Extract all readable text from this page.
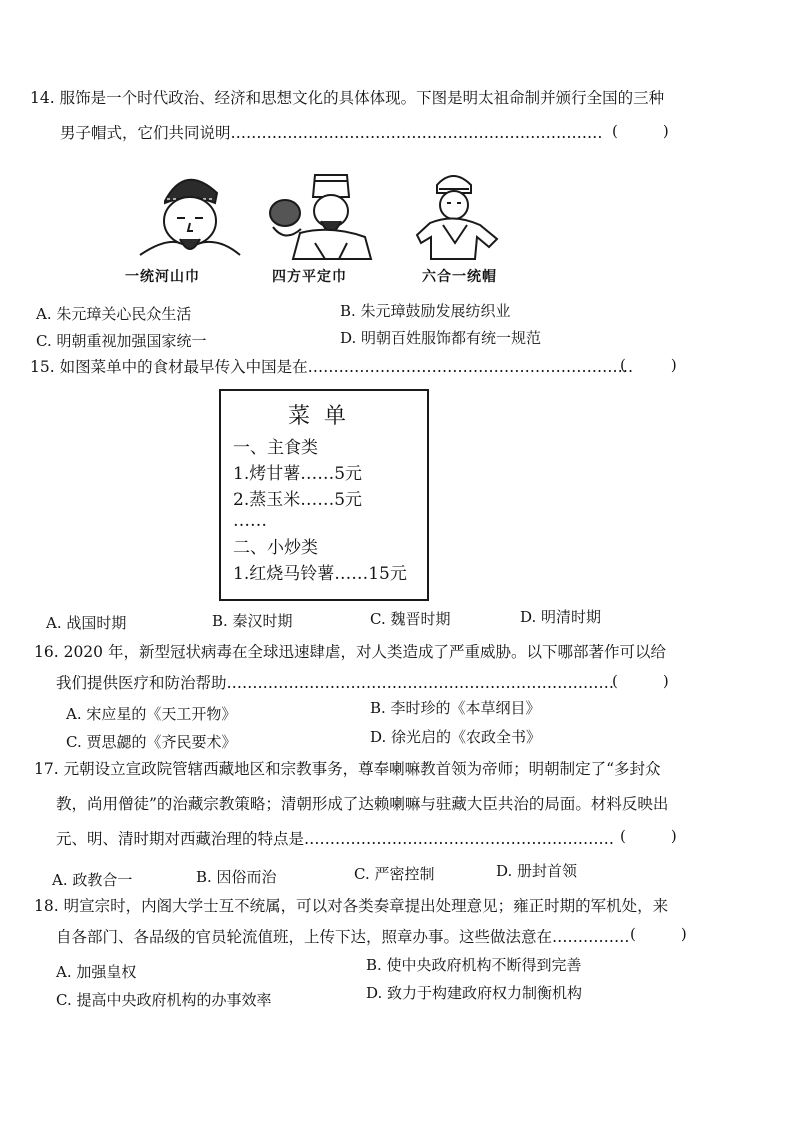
14. 服饰是一个时代政治、经济和思想文化的具体体现。下图是明太祖命制并颁行全国的三种
男子帽式，它们共同说明……………………………………………………………… (　　　)
一统河山巾	四方平定巾	六合一统帽
A. 朱元璋关心民众生活	B. 朱元璋鼓励发展纺织业
C. 明朝重视加强国家统一	D. 明朝百姓服饰都有统一规范
15. 如图菜单中的食材最早传入中国是在………………………………………………………
(　　　)
菜单
一、主食类
1.烤甘薯……5元
2.蒸玉米……5元
……
二、小炒类
1.红烧马铃薯……15元
A. 战国时期	B. 秦汉时期	C. 魏晋时期	D. 明清时期
16. 2020 年，新型冠状病毒在全球迅速肆虐，对人类造成了严重威胁。以下哪部著作可以给
我们提供医疗和防治帮助…………………………………………………………………
(　　　)
A. 宋应星的《天工开物》	B. 李时珍的《本草纲目》
C. 贾思勰的《齐民要术》	D. 徐光启的《农政全书》
17. 元朝设立宣政院管辖西藏地区和宗教事务，尊奉喇嘛教首领为帝师；明朝制定了“多封众
教，尚用僧徒”的治藏宗教策略；清朝形成了达赖喇嘛与驻藏大臣共治的局面。材料反映出
元、明、清时期对西藏治理的特点是…………………………………………………… (　　　)
A. 政教合一	B. 因俗而治	C. 严密控制	D. 册封首领
18. 明宣宗时，内阁大学士互不统属，可以对各类奏章提出处理意见；雍正时期的军机处，来
自各部门、各品级的官员轮流值班，上传下达，照章办事。这些做法意在…………… (　　　)
A. 加强皇权	B. 使中央政府机构不断得到完善
C. 提高中央政府机构的办事效率	D. 致力于构建政府权力制衡机构
